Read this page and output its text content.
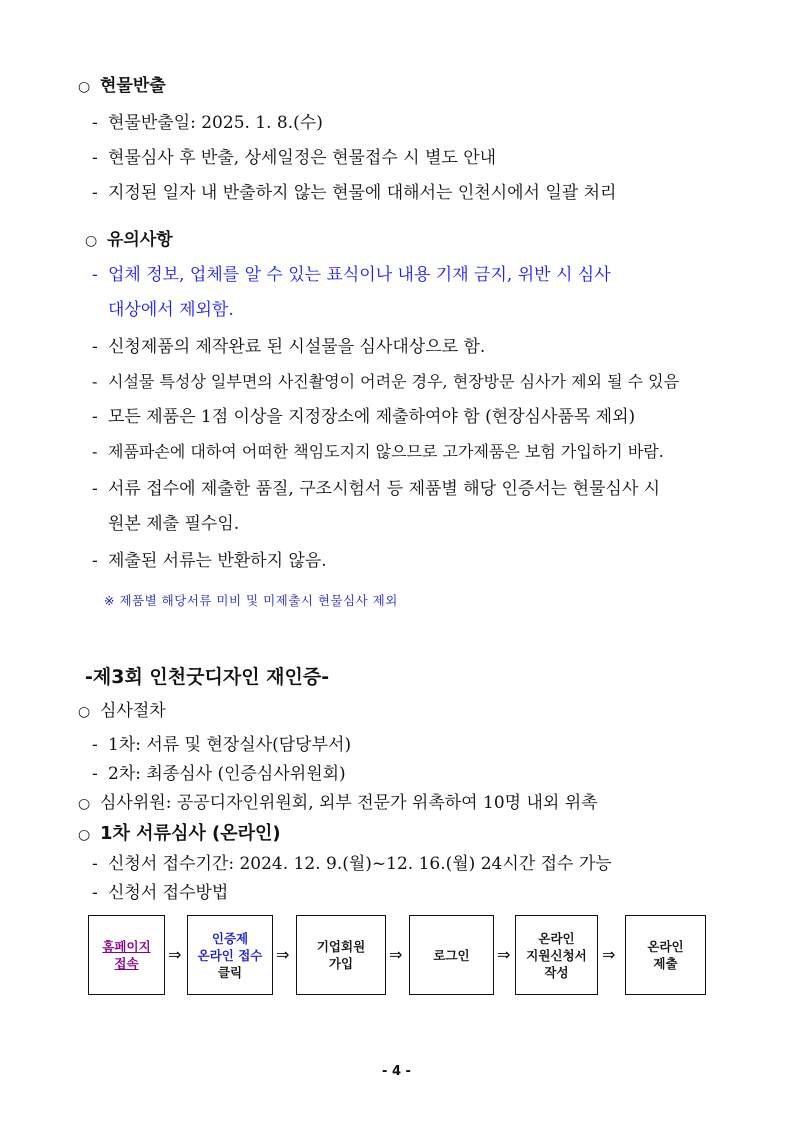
○ 현물반출
- 현물반출일: 2025. 1. 8.(수)
- 현물심사 후 반출, 상세일정은 현물접수 시 별도 안내
- 지정된 일자 내 반출하지 않는 현물에 대해서는 인천시에서 일괄 처리
○ 유의사항
- 업체 정보, 업체를 알 수 있는 표식이나 내용 기재 금지, 위반 시 심사
대상에서 제외함.
- 신청제품의 제작완료 된 시설물을 심사대상으로 함.
- 시설물 특성상 일부면의 사진촬영이 어려운 경우, 현장방문 심사가 제외 될 수 있음
- 모든 제품은 1점 이상을 지정장소에 제출하여야 함 (현장심사품목 제외)
- 제품파손에 대하여 어떠한 책임도지지 않으므로 고가제품은 보험 가입하기 바람.
- 서류 접수에 제출한 품질, 구조시험서 등 제품별 해당 인증서는 현물심사 시
원본 제출 필수임.
- 제출된 서류는 반환하지 않음.
※ 제품별 해당서류 미비 및 미제출시 현물심사 제외
-제3회 인천굿디자인 재인증-
○ 심사절차
- 1차: 서류 및 현장실사(담당부서)
- 2차: 최종심사 (인증심사위원회)
○ 심사위원: 공공디자인위원회, 외부 전문가 위촉하여 10명 내외 위촉
○ 1차 서류심사 (온라인)
- 신청서 접수기간: 2024. 12. 9.(월)~12. 16.(월) 24시간 접수 가능
- 신청서 접수방법
홈페이지
접속 ⇒
인증제
온라인 접수
클릭
⇒ 기업회원
가입 ⇒ 로그인 ⇒
온라인
지원신청서
작성
⇒	온라인
제출
- 4 -
